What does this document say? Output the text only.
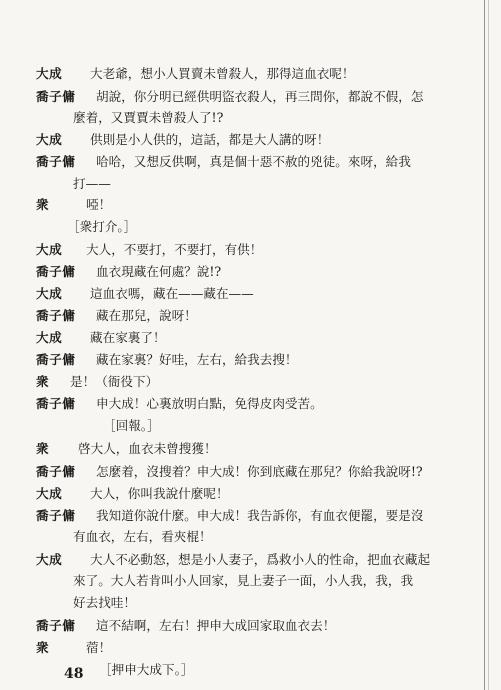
大成 大老爺，想小人買賣未曾殺人，那得這血衣呢！
喬子傭 胡說，你分明已經供明盜衣殺人，再三問你，都說不假，怎
麼着，又賈賈未曾殺人了!?
大成 供則是小人供的，這話，都是大人講的呀！
喬子傭 哈哈，又想反供啊，真是個十惡不赦的兇徒。來呀，給我
打——
衆	啞！
［衆打介。］
大成 大人，不要打，不要打，有供！
喬子傭 血衣現藏在何處？說!?
大成 這血衣嗎，藏在——藏在——
喬子傭 藏在那兒，說呀！
大成 藏在家裏了！
喬子傭 藏在家裏？好哇，左右，給我去搜！
衆 是！（衙役下）
喬子傭 申大成！心裏放明白點，免得皮肉受苦。
［回報。］
衆 啓大人，血衣未曾搜獲！
喬子傭 怎麼着，沒搜着？申大成！你到底藏在那兒？你給我說呀!?
大成 大人，你叫我說什麼呢！
喬子傭 我知道你說什麼。申大成！我告訴你，有血衣便罷，要是沒
有血衣，左右，看夾棍！
大成 大人不必動怒，想是小人妻子，爲救小人的性命，把血衣藏起
來了。大人若肯叫小人回家，見上妻子一面，小人我，我，我
好去找哇！
喬子傭 這不結啊，左右！押申大成回家取血衣去！
衆	蓿！
［押申大成下。］
48
